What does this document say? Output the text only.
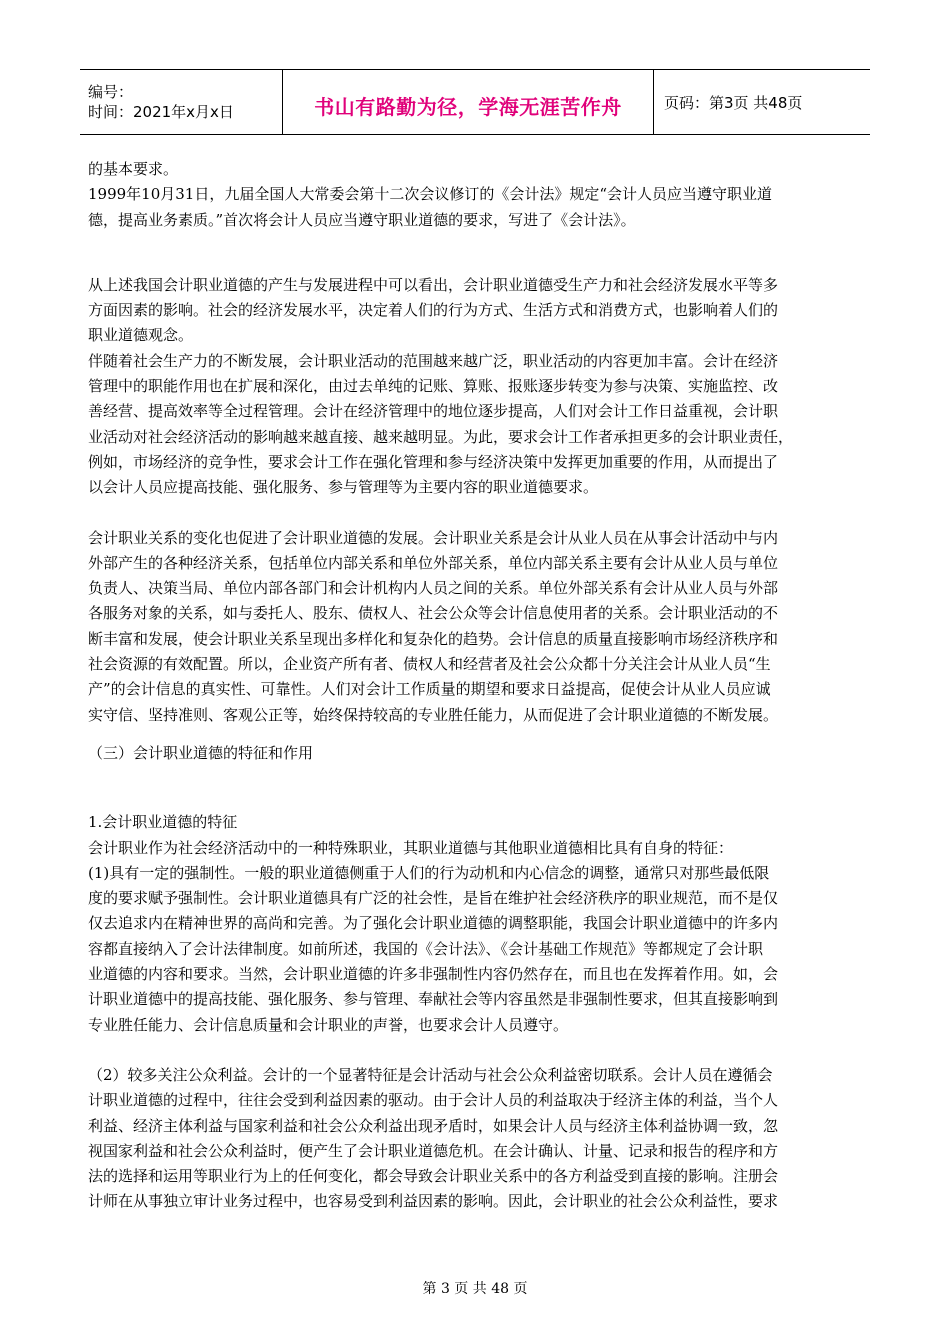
编号：
时间：2021年x月x日	书山有路勤为径，学海无涯苦作舟	页码：第3页 共48页

的基本要求。

1999年10月31日，九届全国人大常委会第十二次会议修订的《会计法》规定“会计人员应当遵守职业道

德，提高业务素质。”首次将会计人员应当遵守职业道德的要求，写进了《会计法》。

从上述我国会计职业道德的产生与发展进程中可以看出，会计职业道德受生产力和社会经济发展水平等多

方面因素的影响。社会的经济发展水平，决定着人们的行为方式、生活方式和消费方式，也影响着人们的

职业道德观念。

伴随着社会生产力的不断发展，会计职业活动的范围越来越广泛，职业活动的内容更加丰富。会计在经济

管理中的职能作用也在扩展和深化，由过去单纯的记账、算账、报账逐步转变为参与决策、实施监控、改

善经营、提高效率等全过程管理。会计在经济管理中的地位逐步提高，人们对会计工作日益重视，会计职

业活动对社会经济活动的影响越来越直接、越来越明显。为此，要求会计工作者承担更多的会计职业责任，

例如，市场经济的竞争性，要求会计工作在强化管理和参与经济决策中发挥更加重要的作用，从而提出了

以会计人员应提高技能、强化服务、参与管理等为主要内容的职业道德要求。

会计职业关系的变化也促进了会计职业道德的发展。会计职业关系是会计从业人员在从事会计活动中与内

外部产生的各种经济关系，包括单位内部关系和单位外部关系，单位内部关系主要有会计从业人员与单位

负责人、决策当局、单位内部各部门和会计机构内人员之间的关系。单位外部关系有会计从业人员与外部

各服务对象的关系，如与委托人、股东、债权人、社会公众等会计信息使用者的关系。会计职业活动的不

断丰富和发展，使会计职业关系呈现出多样化和复杂化的趋势。会计信息的质量直接影响市场经济秩序和

社会资源的有效配置。所以，企业资产所有者、债权人和经营者及社会公众都十分关注会计从业人员“生

产”的会计信息的真实性、可靠性。人们对会计工作质量的期望和要求日益提高，促使会计从业人员应诚

实守信、坚持准则、客观公正等，始终保持较高的专业胜任能力，从而促进了会计职业道德的不断发展。

（三）会计职业道德的特征和作用

1.会计职业道德的特征

会计职业作为社会经济活动中的一种特殊职业，其职业道德与其他职业道德相比具有自身的特征：

(1)具有一定的强制性。一般的职业道德侧重于人们的行为动机和内心信念的调整，通常只对那些最低限

度的要求赋予强制性。会计职业道德具有广泛的社会性，是旨在维护社会经济秩序的职业规范，而不是仅

仅去追求内在精神世界的高尚和完善。为了强化会计职业道德的调整职能，我国会计职业道德中的许多内

容都直接纳入了会计法律制度。如前所述，我国的《会计法》、《会计基础工作规范》等都规定了会计职

业道德的内容和要求。当然，会计职业道德的许多非强制性内容仍然存在，而且也在发挥着作用。如，会

计职业道德中的提高技能、强化服务、参与管理、奉献社会等内容虽然是非强制性要求，但其直接影响到

专业胜任能力、会计信息质量和会计职业的声誉，也要求会计人员遵守。

（2）较多关注公众利益。会计的一个显著特征是会计活动与社会公众利益密切联系。会计人员在遵循会

计职业道德的过程中，往往会受到利益因素的驱动。由于会计人员的利益取决于经济主体的利益，当个人

利益、经济主体利益与国家利益和社会公众利益出现矛盾时，如果会计人员与经济主体利益协调一致，忽

视国家利益和社会公众利益时，便产生了会计职业道德危机。在会计确认、计量、记录和报告的程序和方

法的选择和运用等职业行为上的任何变化，都会导致会计职业关系中的各方利益受到直接的影响。注册会

计师在从事独立审计业务过程中，也容易受到利益因素的影响。因此，会计职业的社会公众利益性，要求

第 3 页 共 48 页
